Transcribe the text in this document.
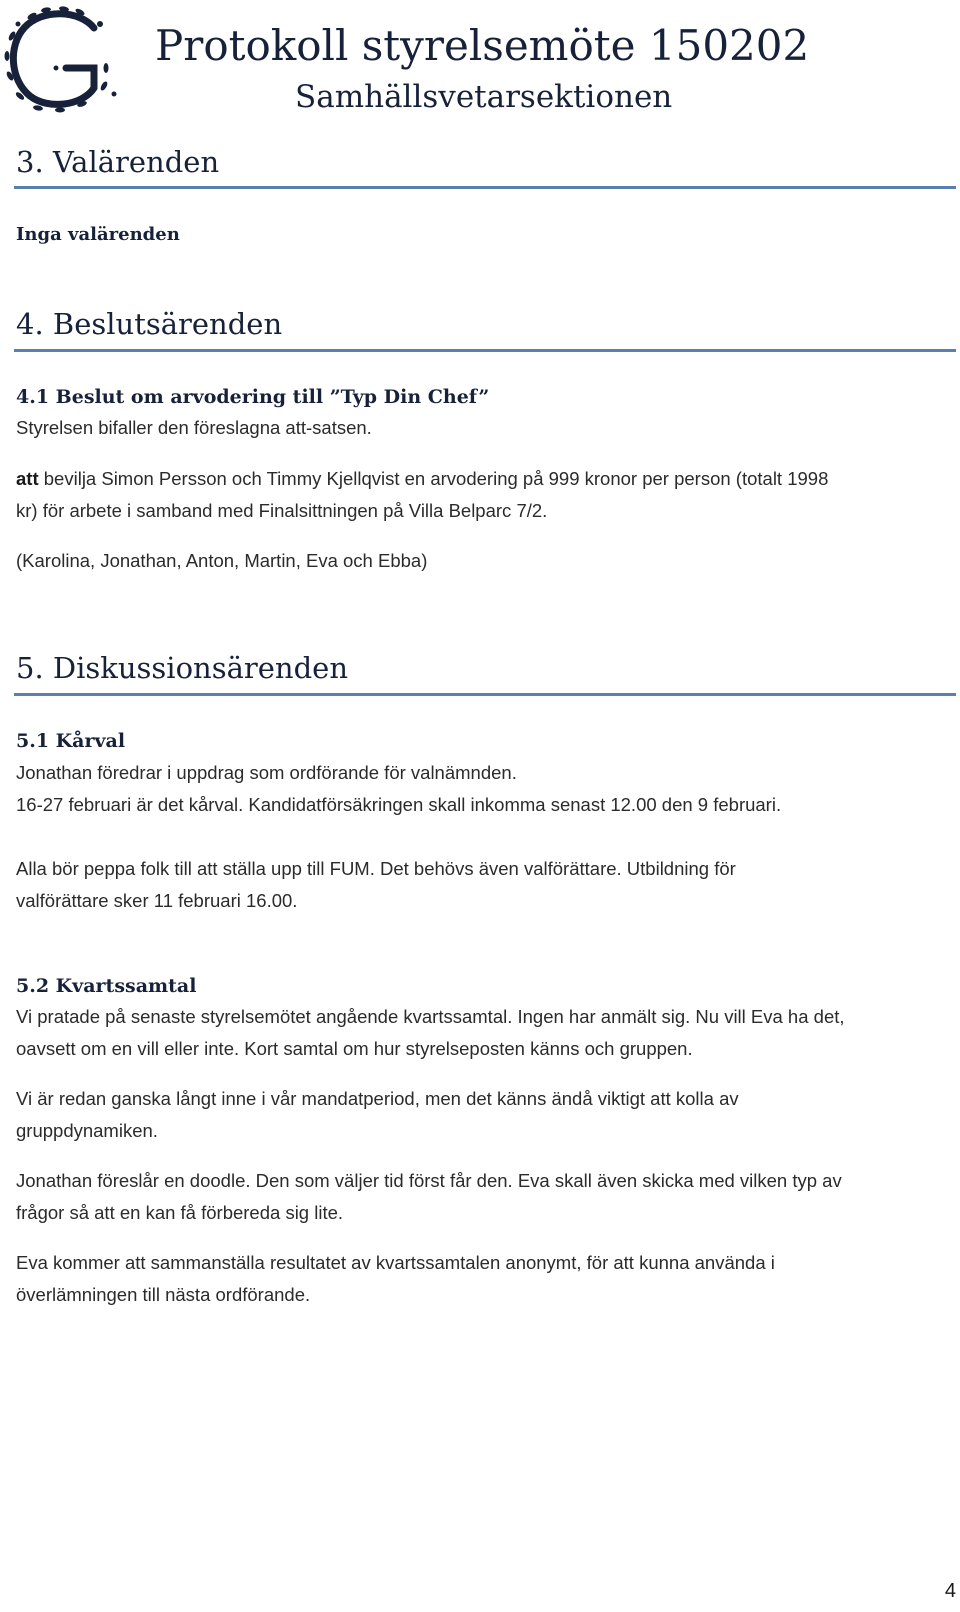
Protokoll styrelsemöte 150202
Samhällsvetarsektionen
3. Valärenden

Inga valärenden

4. Beslutsärenden
4.1 Beslut om arvodering till ”Typ Din Chef”

Styrelsen bifaller den föreslagna att-satsen.

att bevilja Simon Persson och Timmy Kjellqvist en arvodering på 999 kronor per person (totalt 1998

kr) för arbete i samband med Finalsittningen på Villa Belparc 7/2.

(Karolina, Jonathan, Anton, Martin, Eva och Ebba)

5. Diskussionsärenden
5.1 Kårval

Jonathan föredrar i uppdrag som ordförande för valnämnden.

16-27 februari är det kårval. Kandidatförsäkringen skall inkomma senast 12.00 den 9 februari.

Alla bör peppa folk till att ställa upp till FUM. Det behövs även valförättare. Utbildning för

valförättare sker 11 februari 16.00.

5.2 Kvartssamtal

Vi pratade på senaste styrelsemötet angående kvartssamtal. Ingen har anmält sig. Nu vill Eva ha det,

oavsett om en vill eller inte. Kort samtal om hur styrelseposten känns och gruppen.

Vi är redan ganska långt inne i vår mandatperiod, men det känns ändå viktigt att kolla av

gruppdynamiken.

Jonathan föreslår en doodle. Den som väljer tid först får den. Eva skall även skicka med vilken typ av

frågor så att en kan få förbereda sig lite.

Eva kommer att sammanställa resultatet av kvartssamtalen anonymt, för att kunna använda i

överlämningen till nästa ordförande.

4
